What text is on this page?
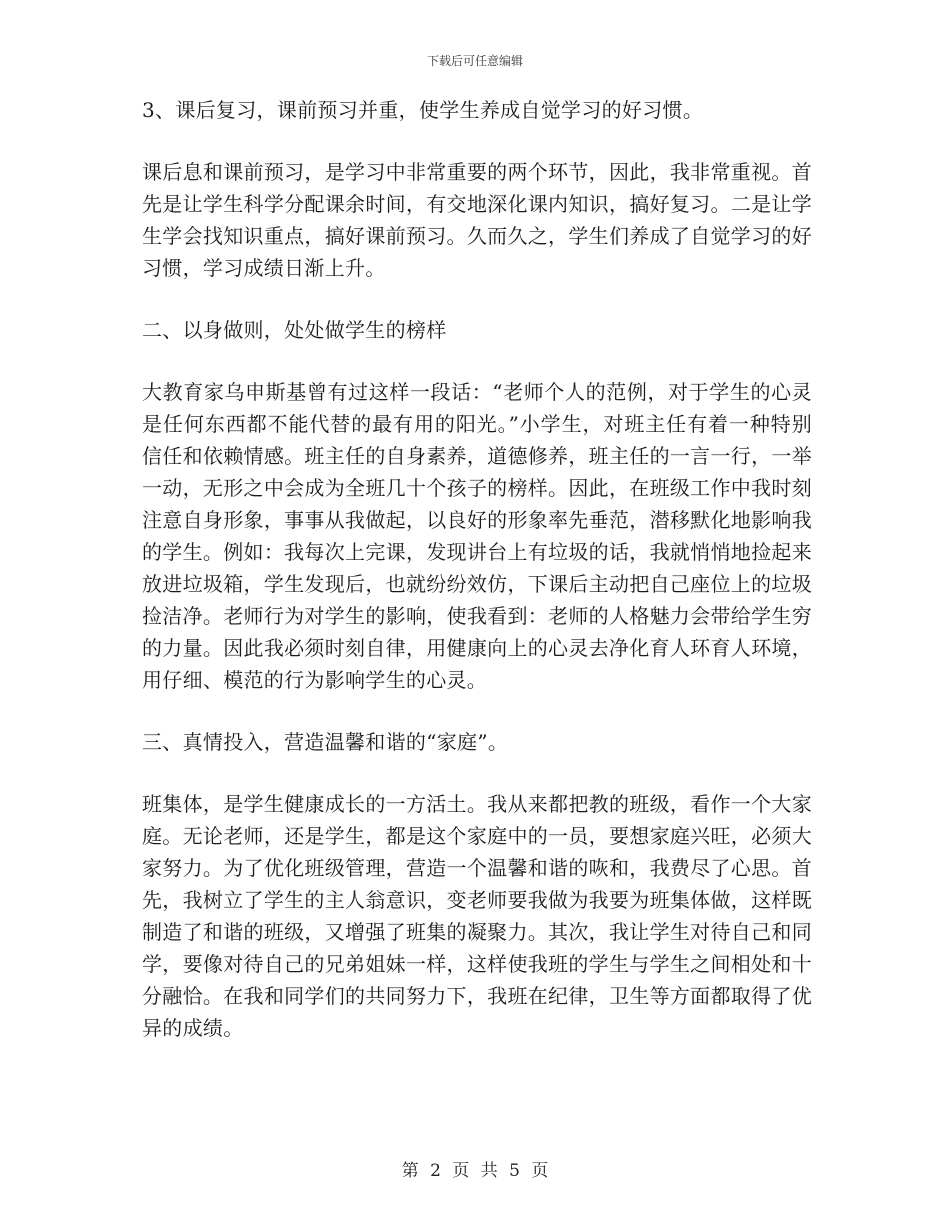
下载后可任意编辑

3、课后复习，课前预习并重，使学生养成自觉学习的好习惯。

课后息和课前预习，是学习中非常重要的两个环节，因此，我非常重视。首先是让学生科学分配课余时间，有交地深化课内知识，搞好复习。二是让学生学会找知识重点，搞好课前预习。久而久之，学生们养成了自觉学习的好习惯，学习成绩日渐上升。

二、以身做则，处处做学生的榜样

大教育家乌申斯基曾有过这样一段话：“老师个人的范例，对于学生的心灵是任何东西都不能代替的最有用的阳光。”小学生，对班主任有着一种特别信任和依赖情感。班主任的自身素养，道德修养，班主任的一言一行，一举一动，无形之中会成为全班几十个孩子的榜样。因此，在班级工作中我时刻注意自身形象，事事从我做起，以良好的形象率先垂范，潜移默化地影响我的学生。例如：我每次上完课，发现讲台上有垃圾的话，我就悄悄地捡起来放进垃圾箱，学生发现后，也就纷纷效仿，下课后主动把自己座位上的垃圾捡洁净。老师行为对学生的影响，使我看到：老师的人格魅力会带给学生穷的力量。因此我必须时刻自律，用健康向上的心灵去净化育人环育人环境，用仔细、模范的行为影响学生的心灵。

三、真情投入，营造温馨和谐的“家庭”。

班集体，是学生健康成长的一方活土。我从来都把教的班级，看作一个大家庭。无论老师，还是学生，都是这个家庭中的一员，要想家庭兴旺，必须大家努力。为了优化班级管理，营造一个温馨和谐的咴和，我费尽了心思。首先，我树立了学生的主人翁意识，变老师要我做为我要为班集体做，这样既制造了和谐的班级，又增强了班集的凝聚力。其次，我让学生对待自己和同学，要像对待自己的兄弟姐妹一样，这样使我班的学生与学生之间相处和十分融恰。在我和同学们的共同努力下，我班在纪律，卫生等方面都取得了优异的成绩。

第 2 页 共 5 页
